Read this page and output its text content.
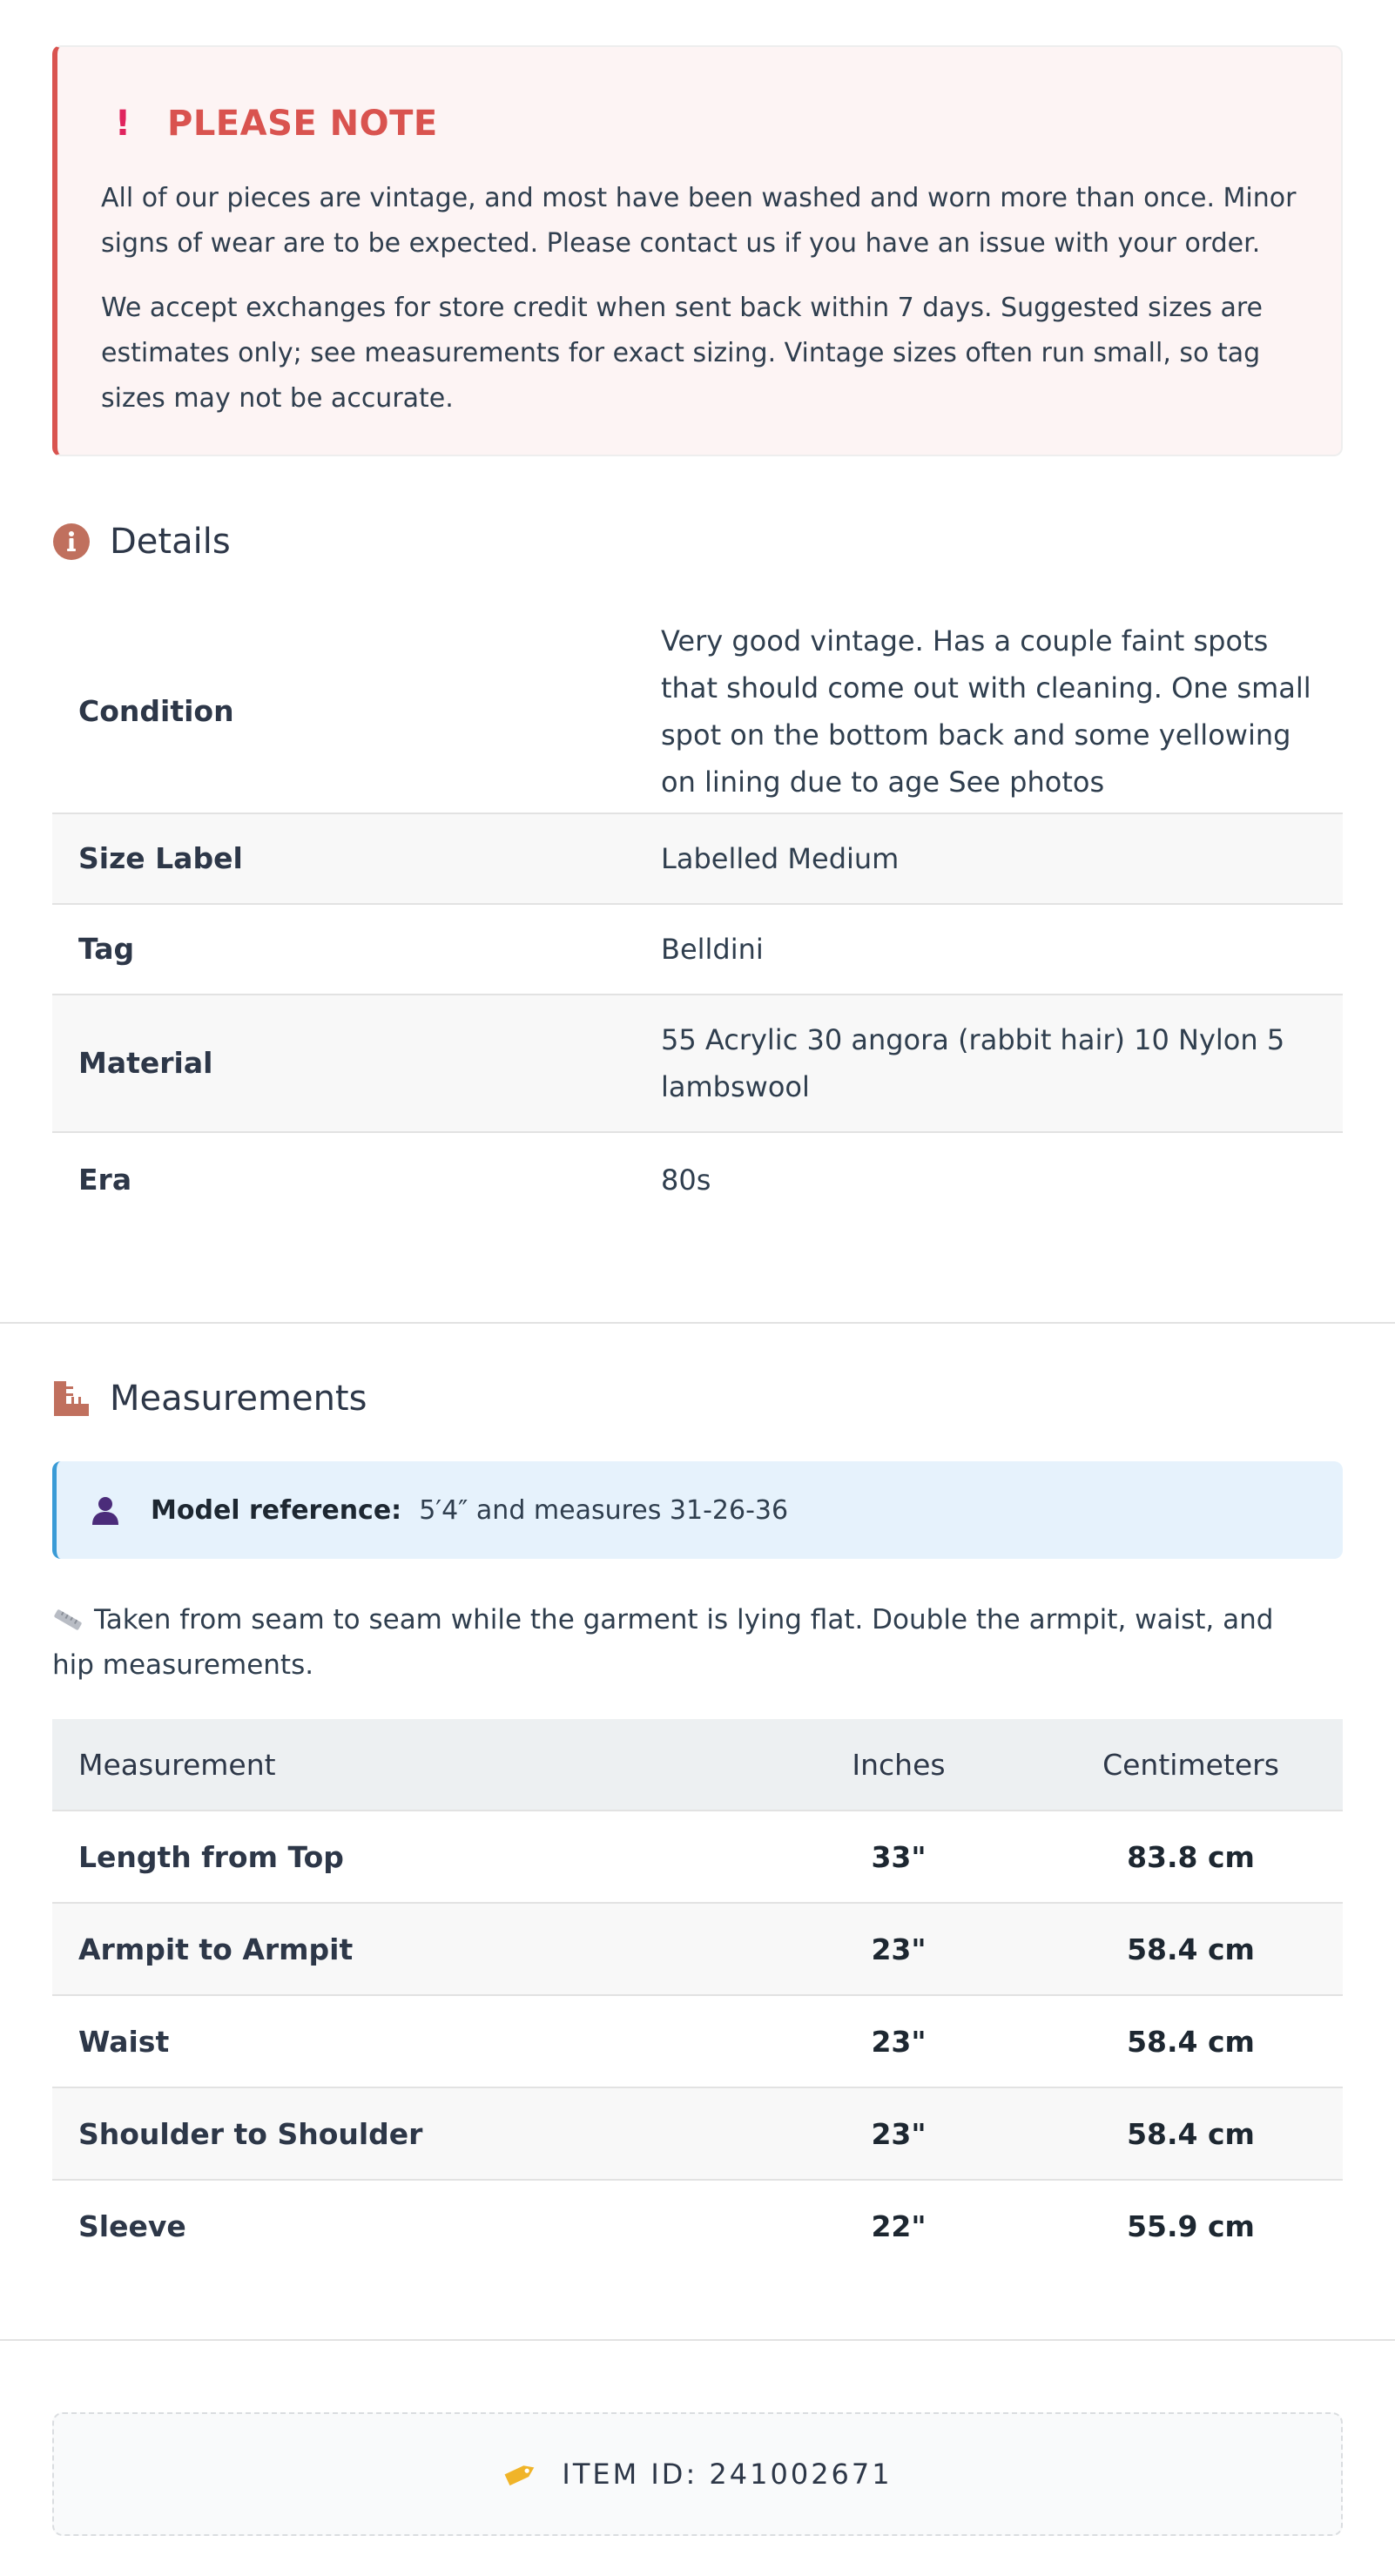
! PLEASE NOTE

All of our pieces are vintage, and most have been washed and worn more than once. Minor signs of wear are to be expected. Please contact us if you have an issue with your order.

We accept exchanges for store credit when sent back within 7 days. Suggested sizes are estimates only; see measurements for exact sizing. Vintage sizes often run small, so tag sizes may not be accurate.

Details
Condition	Very good vintage. Has a couple faint spots that should come out with cleaning. One small spot on the bottom back and some yellowing on lining due to age See photos
Size Label	Labelled Medium
Tag	Belldini
Material	55 Acrylic 30 angora (rabbit hair) 10 Nylon 5 lambswool
Era	80s
Measurements
Model reference: 5′4″ and measures 31-26-36
Taken from seam to seam while the garment is lying flat. Double the armpit, waist, and hip measurements.
Measurement	Inches	Centimeters
Length from Top	33"	83.8 cm
Armpit to Armpit	23"	58.4 cm
Waist	23"	58.4 cm
Shoulder to Shoulder	23"	58.4 cm
Sleeve	22"	55.9 cm
ITEM ID: 241002671
